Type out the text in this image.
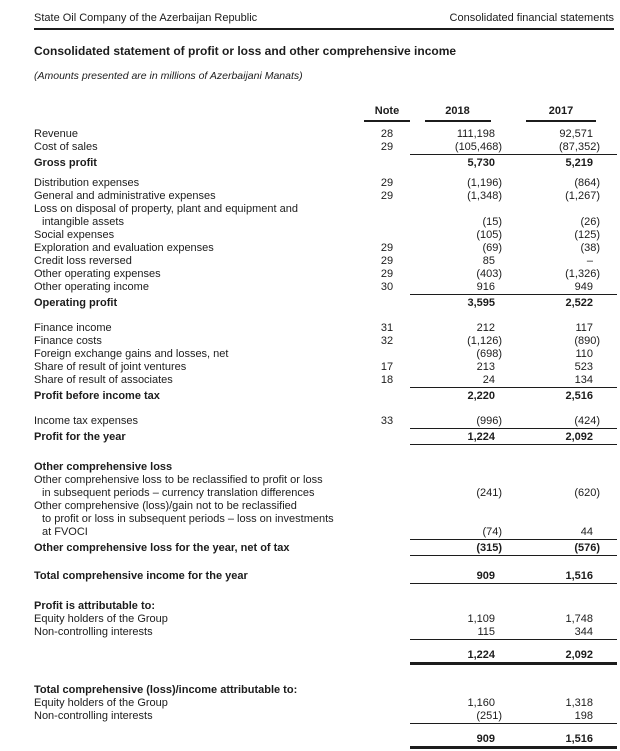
State Oil Company of the Azerbaijan Republic	Consolidated financial statements
Consolidated statement of profit or loss and other comprehensive income
(Amounts presented are in millions of Azerbaijani Manats)
Note	2018	2017
Revenue	28	111,198	92,571
Cost of sales	29	(105,468)	(87,352)
Gross profit	5,730	5,219
Distribution expenses	29	(1,196)	(864)
General and administrative expenses	29	(1,348)	(1,267)
Loss on disposal of property, plant and equipment and
intangible assets	(15)	(26)
Social expenses	(105)	(125)
Exploration and evaluation expenses	29	(69)	(38)
Credit loss reversed	29	85	–
Other operating expenses	29	(403)	(1,326)
Other operating income	30	916	949
Operating profit	3,595	2,522
Finance income	31	212	117
Finance costs	32	(1,126)	(890)
Foreign exchange gains and losses, net	(698)	110
Share of result of joint ventures	17	213	523
Share of result of associates	18	24	134
Profit before income tax	2,220	2,516
Income tax expenses	33	(996)	(424)
Profit for the year	1,224	2,092
Other comprehensive loss
Other comprehensive loss to be reclassified to profit or loss
in subsequent periods – currency translation differences	(241)	(620)
Other comprehensive (loss)/gain not to be reclassified
to profit or loss in subsequent periods – loss on investments
at FVOCI	(74)	44
Other comprehensive loss for the year, net of tax	(315)	(576)
Total comprehensive income for the year	909	1,516
Profit is attributable to:
Equity holders of the Group	1,109	1,748
Non-controlling interests	115	344
1,224	2,092
Total comprehensive (loss)/income attributable to:
Equity holders of the Group	1,160	1,318
Non-controlling interests	(251)	198
909	1,516
